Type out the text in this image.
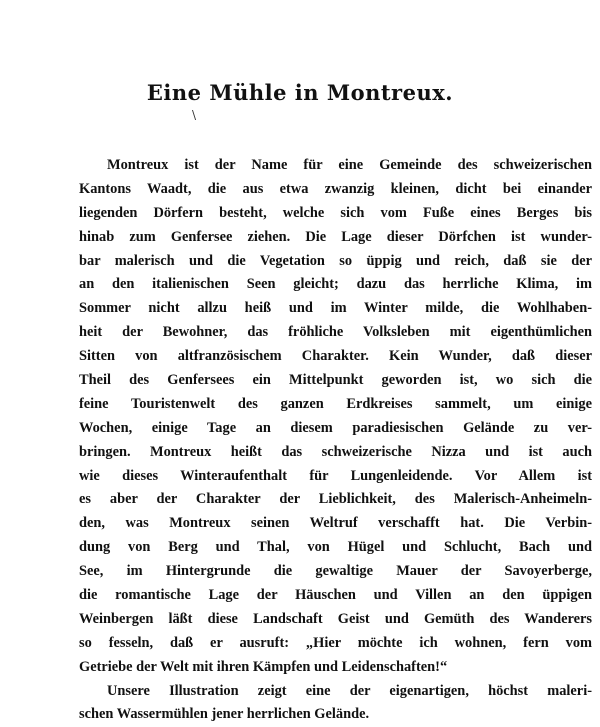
Eine Mühle in Montreux.
\
Montreux ist der Name für eine Gemeinde des schweizerischen
Kantons Waadt, die aus etwa zwanzig kleinen, dicht bei einander
liegenden Dörfern besteht, welche sich vom Fuße eines Berges bis
hinab zum Genfersee ziehen. Die Lage dieser Dörfchen ist wunder-
bar malerisch und die Vegetation so üppig und reich, daß sie der
an den italienischen Seen gleicht; dazu das herrliche Klima, im
Sommer nicht allzu heiß und im Winter milde, die Wohlhaben-
heit der Bewohner, das fröhliche Volksleben mit eigenthümlichen
Sitten von altfranzösischem Charakter. Kein Wunder, daß dieser
Theil des Genfersees ein Mittelpunkt geworden ist, wo sich die
feine Touristenwelt des ganzen Erdkreises sammelt, um einige
Wochen, einige Tage an diesem paradiesischen Gelände zu ver-
bringen. Montreux heißt das schweizerische Nizza und ist auch
wie dieses Winteraufenthalt für Lungenleidende. Vor Allem ist
es aber der Charakter der Lieblichkeit, des Malerisch-Anheimeln-
den, was Montreux seinen Weltruf verschafft hat. Die Verbin-
dung von Berg und Thal, von Hügel und Schlucht, Bach und
See, im Hintergrunde die gewaltige Mauer der Savoyerberge,
die romantische Lage der Häuschen und Villen an den üppigen
Weinbergen läßt diese Landschaft Geist und Gemüth des Wanderers
so fesseln, daß er ausruft: „Hier möchte ich wohnen, fern vom
Getriebe der Welt mit ihren Kämpfen und Leidenschaften!“
Unsere Illustration zeigt eine der eigenartigen, höchst maleri-
schen Wassermühlen jener herrlichen Gelände.
